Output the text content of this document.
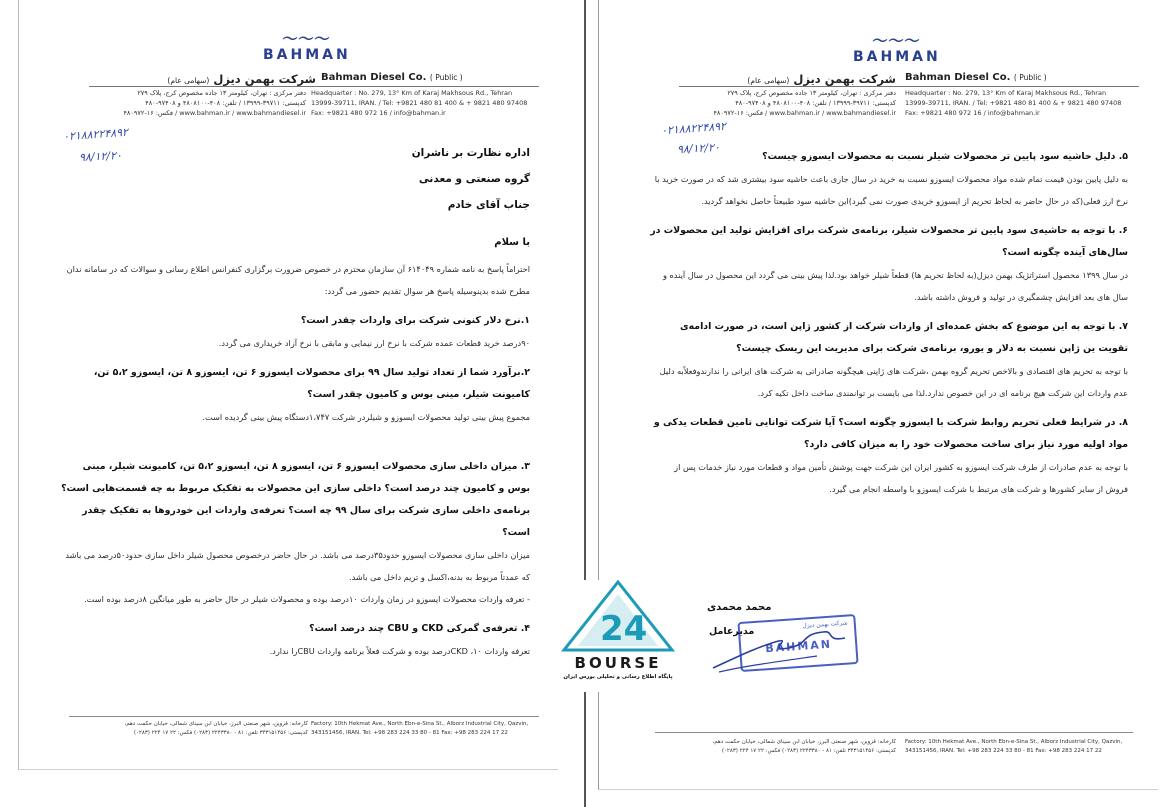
〜〜〜
BAHMAN
شرکت بهمن دیزل (سهامی عام)	Bahman Diesel Co. ( Public )
دفتر مرکزی : تهران، کیلومتر ۱۳ جاده مخصوص کرج، پلاک ۲۷۹
کدپستی: ۳۹۷۱۱-۱۳۹۹۹ / تلفن: ۴۰۸-۴۸۰۸۱۰۰ و ۹۷۴۰۸-۴۸۰
www.bahman.ir / www.bahmandiesel.ir / فکس: ۱۶-۴۸۰۹۷۲
Headquarter : No. 279, 13° Km of Karaj Makhsous Rd., Tehran
13999-39711, IRAN. / Tel: +9821 480 81 400 & + 9821 480 97408
Fax: +9821 480 972 16 / info@bahman.ir
۰۲۱۸۸۲۲۴۸۹۲
۹۸/۱۲/۲۰	اداره نظارت بر ناشران
گروه صنعتی و معدنی
جناب آقای خادم
با سلام
احتراماً پاسخ به نامه شماره ۶۱۴۰۴۹ آن سازمان محترم در خصوص ضرورت برگزاری کنفرانس اطلاع رسانی و سوالات که در سامانه ندان مطرح شده بدینوسیله پاسخ هر سوال تقدیم حضور می گردد:
۱.نرخ دلار کنونی شرکت برای واردات چقدر است؟
۹۰درصد خرید قطعات عمده شرکت با نرخ ارز نیمایی و مابقی با نرخ آزاد خریداری می گردد.
۲.برآورد شما از تعداد تولید سال ۹۹ برای محصولات ایسوزو ۶ تن، ایسوزو ۸ تن، ایسوزو ۵،۲ تن، کامیونت شیلر، مینی بوس و کامیون چقدر است؟
مجموع پیش بینی تولید محصولات ایسوزو و شیلردر شرکت ۱،۷۴۷دستگاه پیش بینی گردیده است.
۳. میزان داخلی سازی محصولات ایسوزو ۶ تن، ایسوزو ۸ تن، ایسوزو ۵،۲ تن، کامیونت شیلر، مینی بوس و کامیون چند درصد است؟ داخلی سازی این محصولات به تفکیک مربوط به چه قسمت‌هایی است؟ برنامه‌ی داخلی سازی شرکت برای سال ۹۹ چه است؟ تعرفه‌ی واردات این خودروها به تفکیک چقدر است؟
میزان داخلی سازی محصولات ایسوزو حدود۳۵درصد می باشد. در حال حاضر درخصوص محصول شیلر داخل سازی حدود۵۰درصد می باشد که عمدتاً مربوط به بدنه،اکسل و تریم داخل می باشد.
- تعرفه واردات محصولات ایسوزو در زمان واردات ۱۰درصد بوده و محصولات شیلر در حال حاضر به طور میانگین ۸درصد بوده است.
۴. تعرفه‌ی گمرکی CKD و CBU چند درصد است؟
تعرفه واردات CKD ،۱۰درصد بوده و شرکت فعلاً برنامه واردات CBUرا ندارد.
کارخانه: قزوین، شهر صنعتی البرز، خیابان ابن سینای شمالی، خیابان حکمت دهم،
کدپستی: ۳۴۳۱۵۱۴۵۶ تلفن: ۸۱ - ۲۲۴۳۳۸۰ (۰۲۸۳) فکس: ۲۲ ۱۷ ۲۲۴ (۰۲۸۳)
Factory: 10th Hekmat Ave., North Ebn-e-Sina St., Alborz Industrial City, Qazvin,
343151456, IRAN. Tel: +98 283 224 33 80 - 81 Fax: +98 283 224 17 22
〜〜〜
BAHMAN
شرکت بهمن دیزل (سهامی عام)	Bahman Diesel Co. ( Public )
دفتر مرکزی : تهران، کیلومتر ۱۳ جاده مخصوص کرج، پلاک ۲۷۹
کدپستی: ۳۹۷۱۱-۱۳۹۹۹ / تلفن: ۴۰۸-۴۸۰۸۱۰۰ و ۹۷۴۰۸-۴۸۰
www.bahman.ir / www.bahmandiesel.ir / فکس: ۱۶-۴۸۰۹۷۲
Headquarter : No. 279, 13° Km of Karaj Makhsous Rd., Tehran
13999-39711, IRAN. / Tel: +9821 480 81 400 & + 9821 480 97408
Fax: +9821 480 972 16 / info@bahman.ir
۰۲۱۸۸۲۲۴۸۹۲
۹۸/۱۲/۲۰
۵. دلیل حاشیه سود پایین تر محصولات شیلر نسبت به محصولات ایسوزو چیست؟
به دلیل پایین بودن قیمت تمام شده مواد محصولات ایسوزو نسبت به خرید در سال جاری باعث حاشیه سود بیشتری شد که در صورت خرید با نرخ ارز فعلی(که در حال حاضر به لحاظ تحریم از ایسوزو خریدی صورت نمی گیرد)این حاشیه سود طبیعتاً حاصل نخواهد گردید.
۶. با توجه به حاشیه‌ی سود پایین تر محصولات شیلر، برنامه‌ی شرکت برای افزایش تولید این محصولات در سال‌های آینده چگونه است؟
در سال ۱۳۹۹ محصول استراتژیک بهمن دیزل(به لحاظ تحریم ها) قطعاً شیلر خواهد بود.لذا پیش بینی می گردد این محصول در سال آینده و سال های بعد افزایش چشمگیری در تولید و فروش داشته باشد.
۷. با توجه به این موضوع که بخش عمده‌ای از واردات شرکت از کشور ژاپن است، در صورت ادامه‌ی تقویت ین ژاپن نسبت به دلار و یورو، برنامه‌ی شرکت برای مدیریت این ریسک چیست؟
با توجه به تحریم های اقتصادی و بالاخص تحریم گروه بهمن ،شرکت های ژاپنی هیچگونه صادراتی به شرکت های ایرانی را ندارندوفعلاًبه دلیل عدم واردات این شرکت هیچ برنامه ای در این خصوص ندارد.لذا می بایست بر توانمندی ساخت داخل تکیه کرد.
۸. در شرایط فعلی تحریم روابط شرکت با ایسوزو چگونه است؟ آیا شرکت توانایی تامین قطعات یدکی و مواد اولیه مورد نیاز برای ساخت محصولات خود را به میزان کافی دارد؟
با توجه به عدم صادرات از طرف شرکت ایسوزو به کشور ایران این شرکت جهت پوشش تأمین مواد و قطعات مورد نیاز خدمات پس از فروش از سایر کشورها و شرکت های مرتبط با شرکت ایسوزو با واسطه انجام می گیرد.
محمد محمدی
شرکت بهمن دیزل
BAHMAN
مدیرعامل
کارخانه: قزوین، شهر صنعتی البرز، خیابان ابن سینای شمالی، خیابان حکمت دهم،
کدپستی: ۳۴۳۱۵۱۴۵۶ تلفن: ۸۱ - ۲۲۴۳۳۸۰ (۰۲۸۳) فکس: ۲۲ ۱۷ ۲۲۴ (۰۲۸۳)
Factory: 10th Hekmat Ave., North Ebn-e-Sina St., Alborz Industrial City, Qazvin,
343151456, IRAN. Tel: +98 283 224 33 80 - 81 Fax: +98 283 224 17 22
24
BOURSE
پایگاه اطلاع رسانی و تحلیلی بورس ایران
